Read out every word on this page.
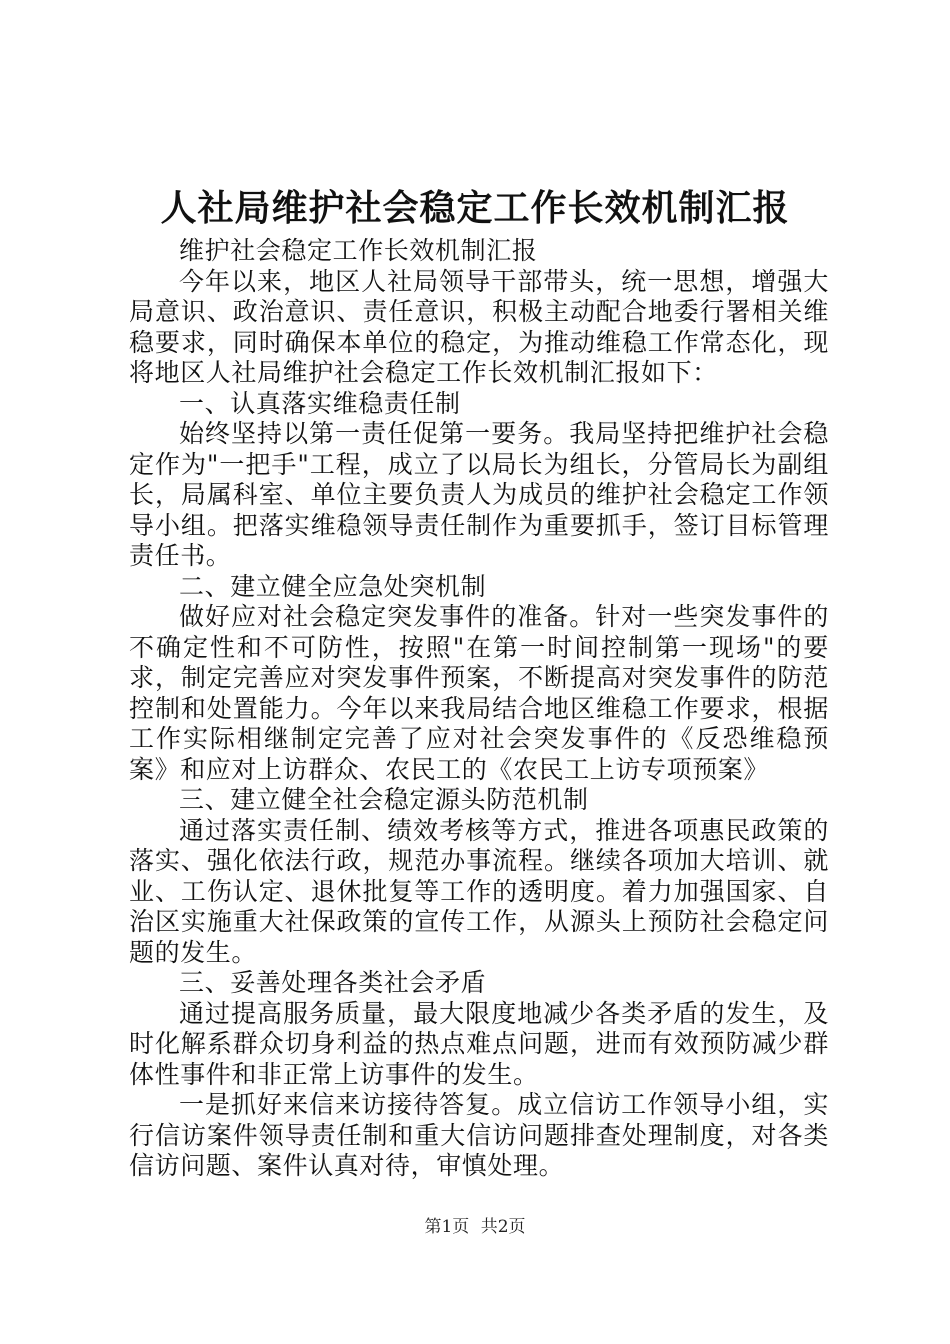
人社局维护社会稳定工作长效机制汇报

维护社会稳定工作长效机制汇报

今年以来，地区人社局领导干部带头，统一思想，增强大局意识、政治意识、责任意识，积极主动配合地委行署相关维稳要求，同时确保本单位的稳定，为推动维稳工作常态化，现将地区人社局维护社会稳定工作长效机制汇报如下：

一、认真落实维稳责任制

始终坚持以第一责任促第一要务。我局坚持把维护社会稳定作为"一把手"工程，成立了以局长为组长，分管局长为副组长，局属科室、单位主要负责人为成员的维护社会稳定工作领导小组。把落实维稳领导责任制作为重要抓手，签订目标管理责任书。

二、建立健全应急处突机制

做好应对社会稳定突发事件的准备。针对一些突发事件的不确定性和不可防性，按照"在第一时间控制第一现场"的要求，制定完善应对突发事件预案，不断提高对突发事件的防范控制和处置能力。今年以来我局结合地区维稳工作要求，根据工作实际相继制定完善了应对社会突发事件的《反恐维稳预案》和应对上访群众、农民工的《农民工上访专项预案》

三、建立健全社会稳定源头防范机制

通过落实责任制、绩效考核等方式，推进各项惠民政策的落实、强化依法行政，规范办事流程。继续各项加大培训、就业、工伤认定、退休批复等工作的透明度。着力加强国家、自治区实施重大社保政策的宣传工作，从源头上预防社会稳定问题的发生。

三、妥善处理各类社会矛盾

通过提高服务质量，最大限度地减少各类矛盾的发生，及时化解系群众切身利益的热点难点问题，进而有效预防减少群体性事件和非正常上访事件的发生。

一是抓好来信来访接待答复。成立信访工作领导小组，实行信访案件领导责任制和重大信访问题排查处理制度，对各类信访问题、案件认真对待，审慎处理。

第1页 共2页
